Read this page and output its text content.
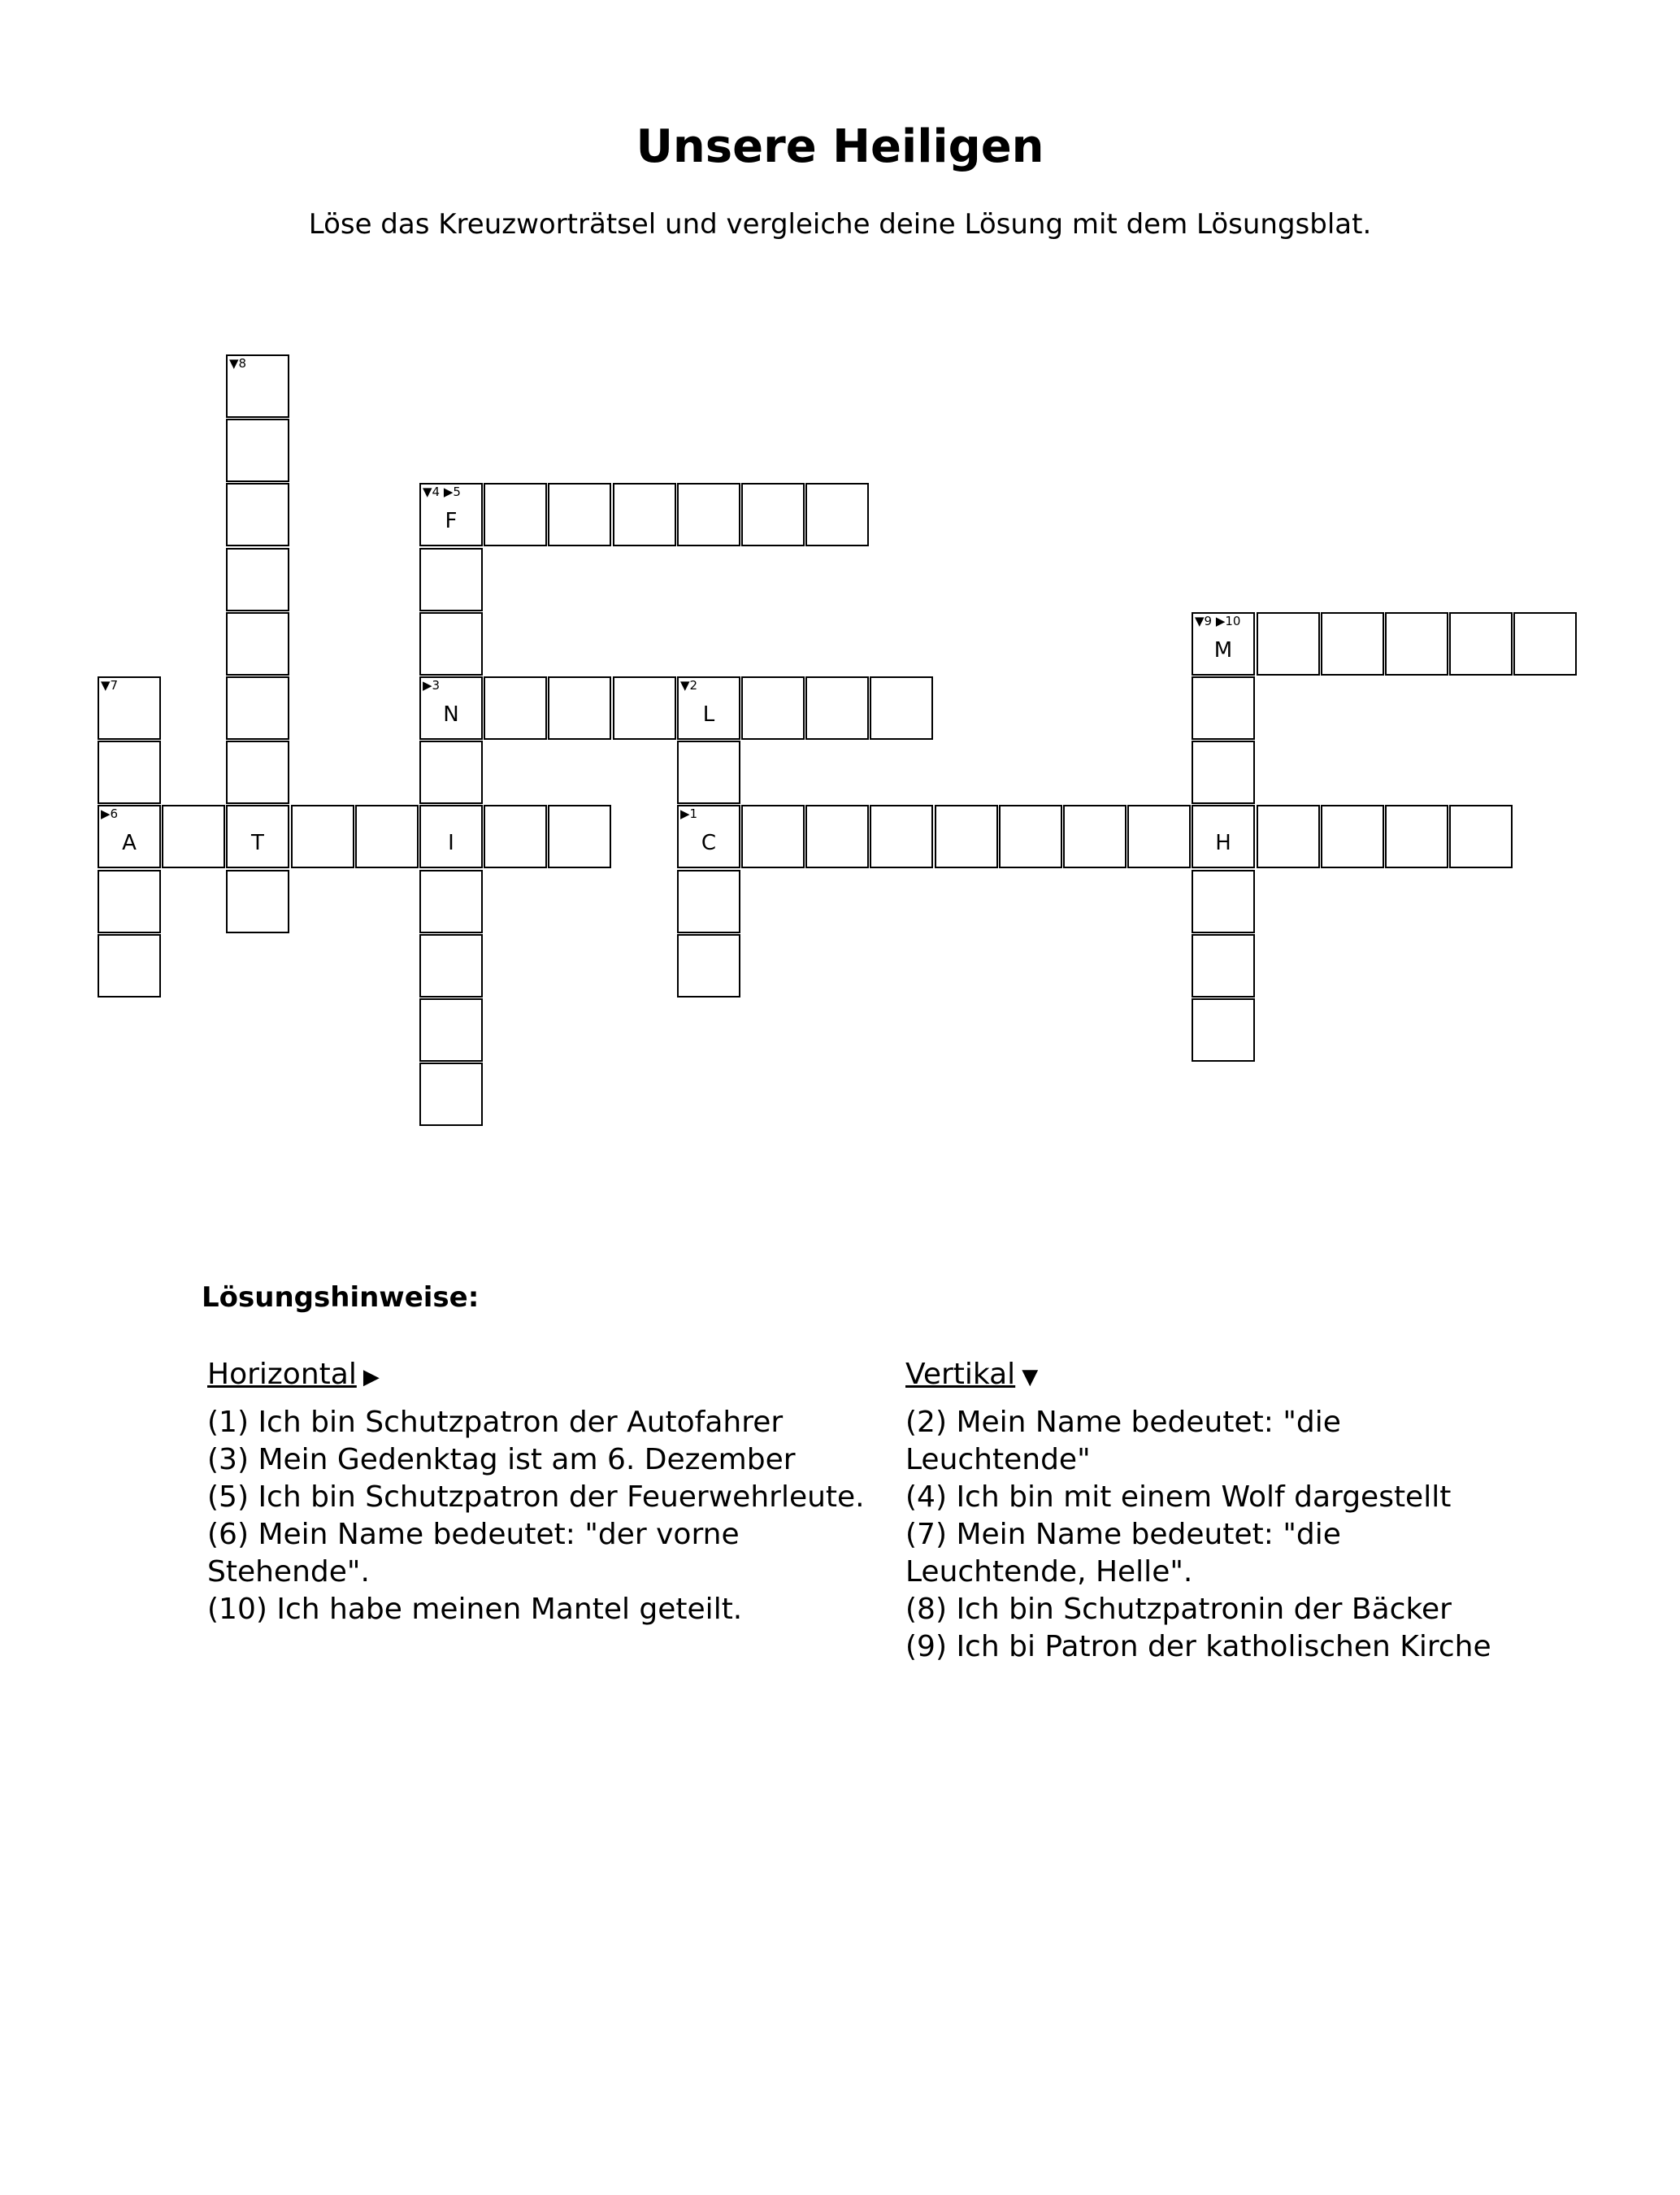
Unsere Heiligen
Löse das Kreuzworträtsel und vergleiche deine Lösung mit dem Lösungsblat.
▼8
T
▼4 ▶5
F
▶3
N
I
▼2
L
▶1
C
▼7
▶6
A	H
▼9 ▶10
M
Lösungshinweise:
Horizontal ▶
(1) Ich bin Schutzpatron der Autofahrer
(3) Mein Gedenktag ist am 6. Dezember
(5) Ich bin Schutzpatron der Feuerwehrleute.
(6) Mein Name bedeutet: "der vorne Stehende".
(10) Ich habe meinen Mantel geteilt.
Vertikal ▼
(2) Mein Name bedeutet: "die Leuchtende"
(4) Ich bin mit einem Wolf dargestellt
(7) Mein Name bedeutet: "die Leuchtende, Helle".
(8) Ich bin Schutzpatronin der Bäcker
(9) Ich bi Patron der katholischen Kirche
